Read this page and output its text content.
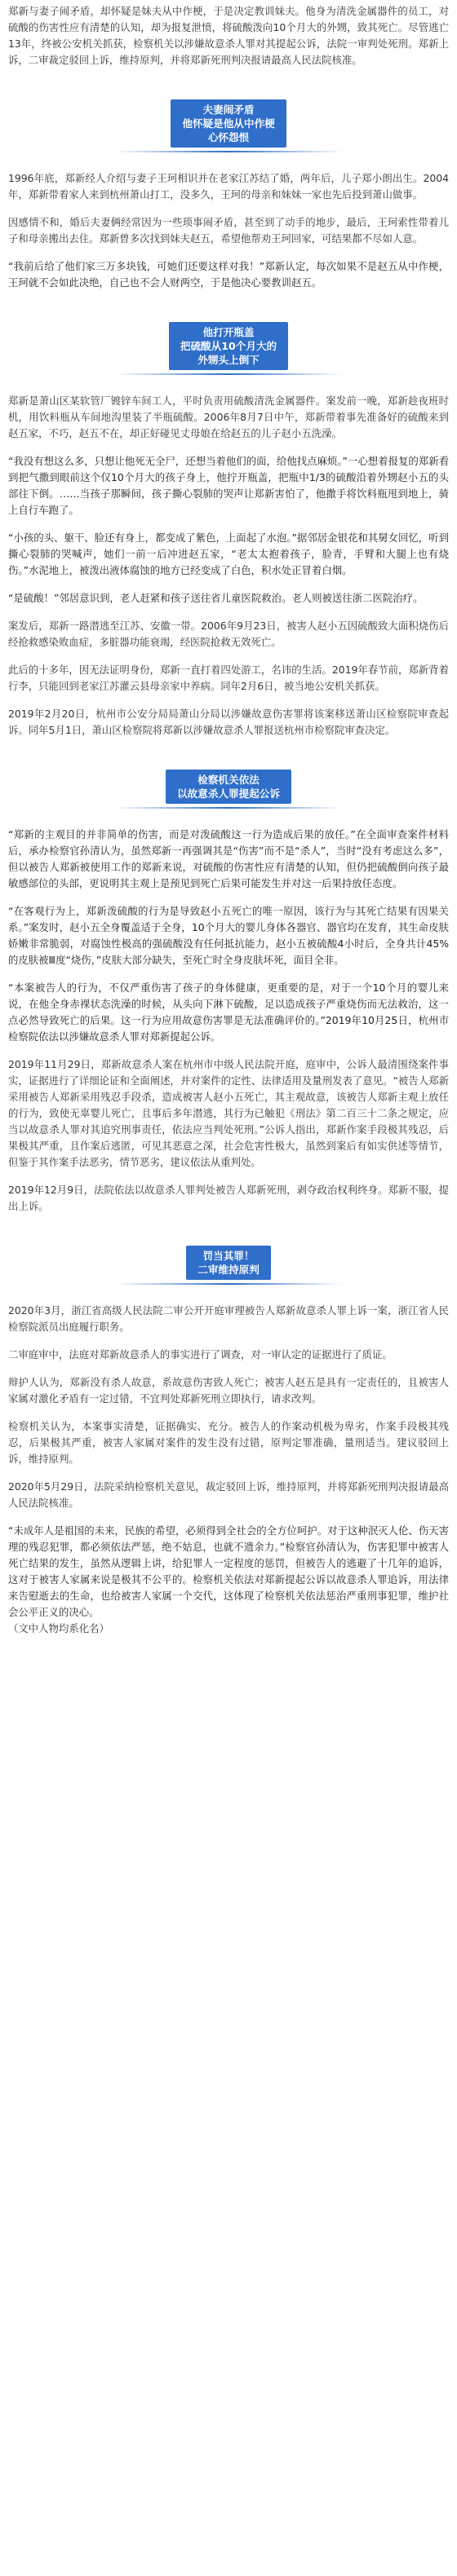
郑新与妻子闹矛盾，却怀疑是妹夫从中作梗，于是决定教训妹夫。他身为清洗金属器件的员工，对硫酸的伤害性应有清楚的认知，却为报复泄愤，将硫酸泼向10个月大的外甥，致其死亡。尽管逃亡13年，终被公安机关抓获，检察机关以涉嫌故意杀人罪对其提起公诉，法院一审判处死刑。郑新上诉，二审裁定驳回上诉，维持原判，并将郑新死刑判决报请最高人民法院核准。

夫妻闹矛盾
他怀疑是他从中作梗
心怀怨恨

1996年底，郑新经人介绍与妻子王珂相识并在老家江苏结了婚，两年后，儿子郑小朗出生。2004年，郑新带着家人来到杭州萧山打工，没多久，王珂的母亲和妹妹一家也先后投到萧山做事。

因感情不和，婚后夫妻俩经常因为一些琐事闹矛盾，甚至到了动手的地步，最后，王珂索性带着儿子和母亲搬出去住。郑新曾多次找到妹夫赵五，希望他帮劝王珂回家，可结果都不尽如人意。

“我前后给了他们家三万多块钱，可她们还要这样对我！”郑新认定，每次如果不是赵五从中作梗，王珂就不会如此决绝，自己也不会人财两空，于是他决心要教训赵五。

他打开瓶盖
把硫酸从10个月大的
外甥头上倒下

郑新是萧山区某软管厂镀锌车间工人，平时负责用硫酸清洗金属器件。案发前一晚，郑新趁夜班时机，用饮料瓶从车间地沟里装了半瓶硫酸。2006年8月7日中午，郑新带着事先准备好的硫酸来到赵五家，不巧，赵五不在，却正好碰见丈母娘在给赵五的儿子赵小五洗澡。

“我没有想这么多，只想让他死无全尸，还想当着他们的面，给他找点麻烦。”一心想着报复的郑新看到把气撒到眼前这个仅10个月大的孩子身上，他拧开瓶盖，把瓶中1/3的硫酸沿着外甥赵小五的头部往下倒。……当孩子那瞬间，孩子撕心裂肺的哭声让郑新害怕了，他撒手将饮料瓶甩到地上，骑上自行车跑了。

“小孩的头、躯干、脸还有身上，都变成了紫色，上面起了水泡。”据邻居金银花和其舅女回忆，听到撕心裂肺的哭喊声，她们一前一后冲进赵五家，“老太太抱着孩子，脸青，手臂和大腿上也有烧伤。”水泥地上，被泼出液体腐蚀的地方已经变成了白色，积水处正冒着白烟。

“是硫酸！”邻居意识到，老人赶紧和孩子送往省儿童医院救治。老人则被送往浙二医院治疗。

案发后，郑新一路潜逃至江苏、安徽一带。2006年9月23日，被害人赵小五因硫酸致大面积烧伤后经抢救感染败血症，多脏器功能衰竭，经医院抢救无效死亡。

此后的十多年，因无法证明身份，郑新一直打着四处游工，名讳的生活。2019年春节前，郑新背着行李，只能回到老家江苏灌云县母亲家中养病。同年2月6日，被当地公安机关抓获。

2019年2月20日，杭州市公安分局局萧山分局以涉嫌故意伤害罪将该案移送萧山区检察院审查起诉。同年5月1日，萧山区检察院将郑新以涉嫌故意杀人罪报送杭州市检察院审查决定。

检察机关依法
以故意杀人罪提起公诉

“郑新的主观目的并非简单的伤害，而是对泼硫酸这一行为造成后果的放任。”在全面审查案件材料后，承办检察官孙清认为，虽然郑新一再强调其是“伤害”而不是“杀人”，当时“没有考虑这么多”，但以被告人郑新被使用工作的郑新来说，对硫酸的伤害性应有清楚的认知，但仍把硫酸倒向孩子最敏感部位的头部，更说明其主观上是预见到死亡后果可能发生并对这一后果持放任态度。

“在客观行为上，郑新泼硫酸的行为是导致赵小五死亡的唯一原因，该行为与其死亡结果有因果关系。”案发时，赵小五全身覆盖适于全身，10个月大的婴儿身体各器官、器官均在发育，其生命皮肤娇嫩非常脆弱，对腐蚀性极高的强硫酸没有任何抵抗能力，赵小五被硫酸4小时后，全身共计45%的皮肤被Ⅲ度“烧伤，”皮肤大部分缺失，至死亡时全身皮肤坏死，面目全非。

“本案被告人的行为，不仅严重伤害了孩子的身体健康，更重要的是，对于一个10个月的婴儿来说，在他全身赤裸状态洗澡的时候，从头向下淋下硫酸，足以造成孩子严重烧伤而无法救治，这一点必然导致死亡的后果。这一行为应用故意伤害罪是无法准确评价的。”2019年10月25日，杭州市检察院依法以涉嫌故意杀人罪对郑新提起公诉。

2019年11月29日，郑新故意杀人案在杭州市中级人民法院开庭，庭审中，公诉人最清围绕案件事实，证据进行了详细论证和全面阐述，并对案件的定性、法律适用及量刑发表了意见。“被告人郑新采用被告人郑新采用残忍手段杀，造成被害人赵小五死亡，其主观故意，该被告人郑新主观上放任的行为，致使无辜婴儿死亡，且事后多年潜逃，其行为已触犯《刑法》第二百三十二条之规定，应当以故意杀人罪对其追究刑事责任，依法应当判处死刑。”公诉人指出，郑新作案手段极其残忍，后果极其严重，且作案后逃匿，可见其恶意之深，社会危害性极大，虽然到案后有如实供述等情节，但鉴于其作案手法恶劣，情节恶劣，建议依法从重判处。

2019年12月9日，法院依法以故意杀人罪判处被告人郑新死刑，剥夺政治权利终身。郑新不服，提出上诉。

罚当其罪！
二审维持原判

2020年3月，浙江省高级人民法院二审公开开庭审理被告人郑新故意杀人罪上诉一案，浙江省人民检察院派员出庭履行职务。

二审庭审中，法庭对郑新故意杀人的事实进行了调查，对一审认定的证据进行了质证。

辩护人认为，郑新没有杀人故意，系故意伤害致人死亡；被害人赵五是具有一定责任的，且被害人家属对激化矛盾有一定过错，不宜判处郑新死刑立即执行，请求改判。

检察机关认为，本案事实清楚，证据确实、充分。被告人的作案动机极为卑劣，作案手段极其残忍，后果极其严重，被害人家属对案件的发生没有过错，原判定罪准确，量刑适当。建议驳回上诉，维持原判。

2020年5月29日，法院采纳检察机关意见，裁定驳回上诉，维持原判，并将郑新死刑判决报请最高人民法院核准。

“未成年人是祖国的未来，民族的希望，必须得到全社会的全方位呵护。对于这种泯灭人伦、伤天害理的残忍犯罪，都必须依法严惩，绝不姑息，也就不遗余力。”检察官孙清认为，伤害犯罪中被害人死亡结果的发生，虽然从逻辑上讲，给犯罪人一定程度的惩罚，但被告人的逃避了十几年的追诉，这对于被害人家属来说是极其不公平的。检察机关依法对郑新提起公诉以故意杀人罪追诉，用法律来告慰逝去的生命，也给被害人家属一个交代，这体现了检察机关依法惩治严重刑事犯罪，维护社会公平正义的决心。

（文中人物均系化名）
